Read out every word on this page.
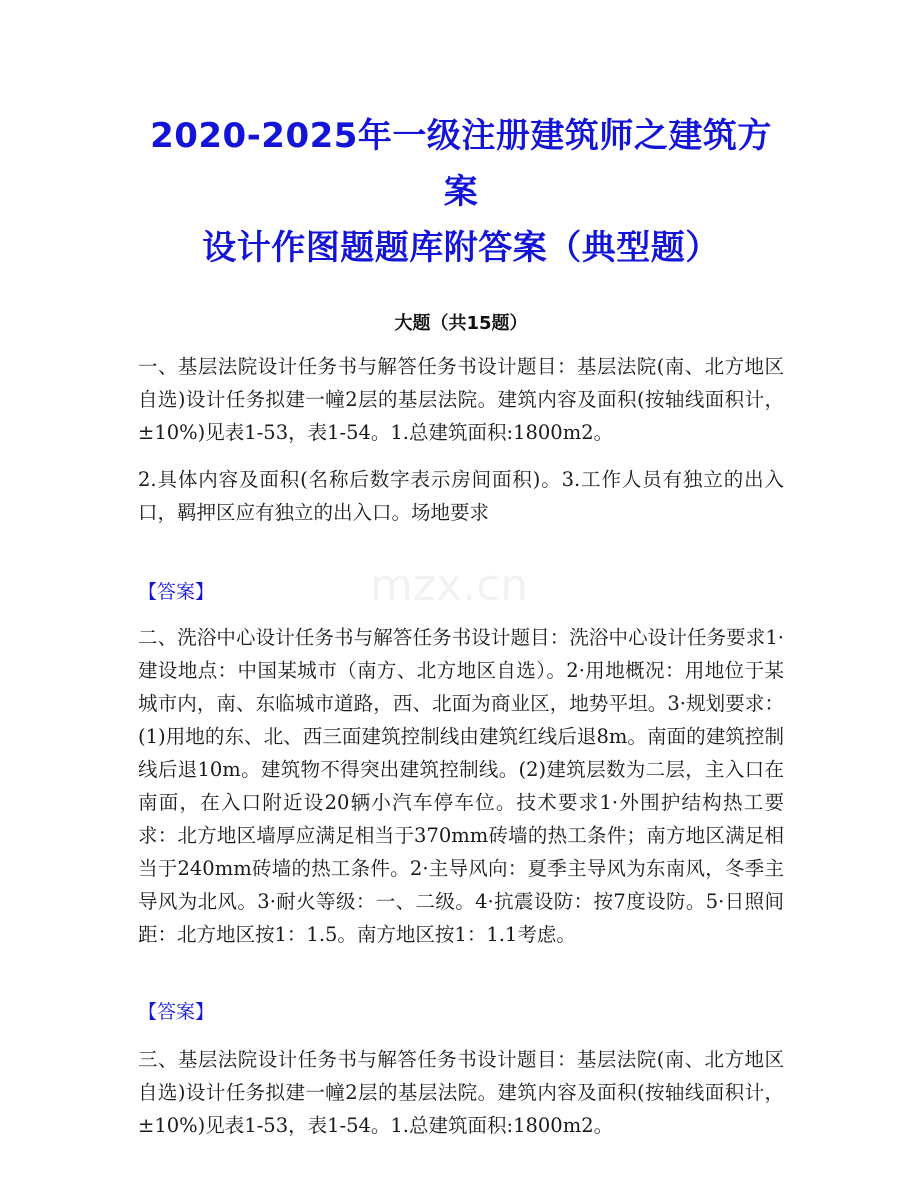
2020-2025年一级注册建筑师之建筑方案
设计作图题题库附答案（典型题）
大题（共15题）

一、基层法院设计任务书与解答任务书设计题目：基层法院(南、北方地区自选)设计任务拟建一幢2层的基层法院。建筑内容及面积(按轴线面积计，±10%)见表1-53，表1-54。1.总建筑面积:1800m2。

2.具体内容及面积(名称后数字表示房间面积)。3.工作人员有独立的出入口，羁押区应有独立的出入口。场地要求

【答案】

二、洗浴中心设计任务书与解答任务书设计题目：洗浴中心设计任务要求1·建设地点：中国某城市（南方、北方地区自选）。2·用地概况：用地位于某城市内，南、东临城市道路，西、北面为商业区，地势平坦。3·规划要求：(1)用地的东、北、西三面建筑控制线由建筑红线后退8m。南面的建筑控制线后退10m。建筑物不得突出建筑控制线。(2)建筑层数为二层，主入口在南面，在入口附近设20辆小汽车停车位。技术要求1·外围护结构热工要求：北方地区墙厚应满足相当于370mm砖墙的热工条件；南方地区满足相当于240mm砖墙的热工条件。2·主导风向：夏季主导风为东南风，冬季主导风为北风。3·耐火等级：一、二级。4·抗震设防：按7度设防。5·日照间距：北方地区按1：1.5。南方地区按1：1.1考虑。

【答案】

三、基层法院设计任务书与解答任务书设计题目：基层法院(南、北方地区自选)设计任务拟建一幢2层的基层法院。建筑内容及面积(按轴线面积计，±10%)见表1-53，表1-54。1.总建筑面积:1800m2。

mzx.cn
